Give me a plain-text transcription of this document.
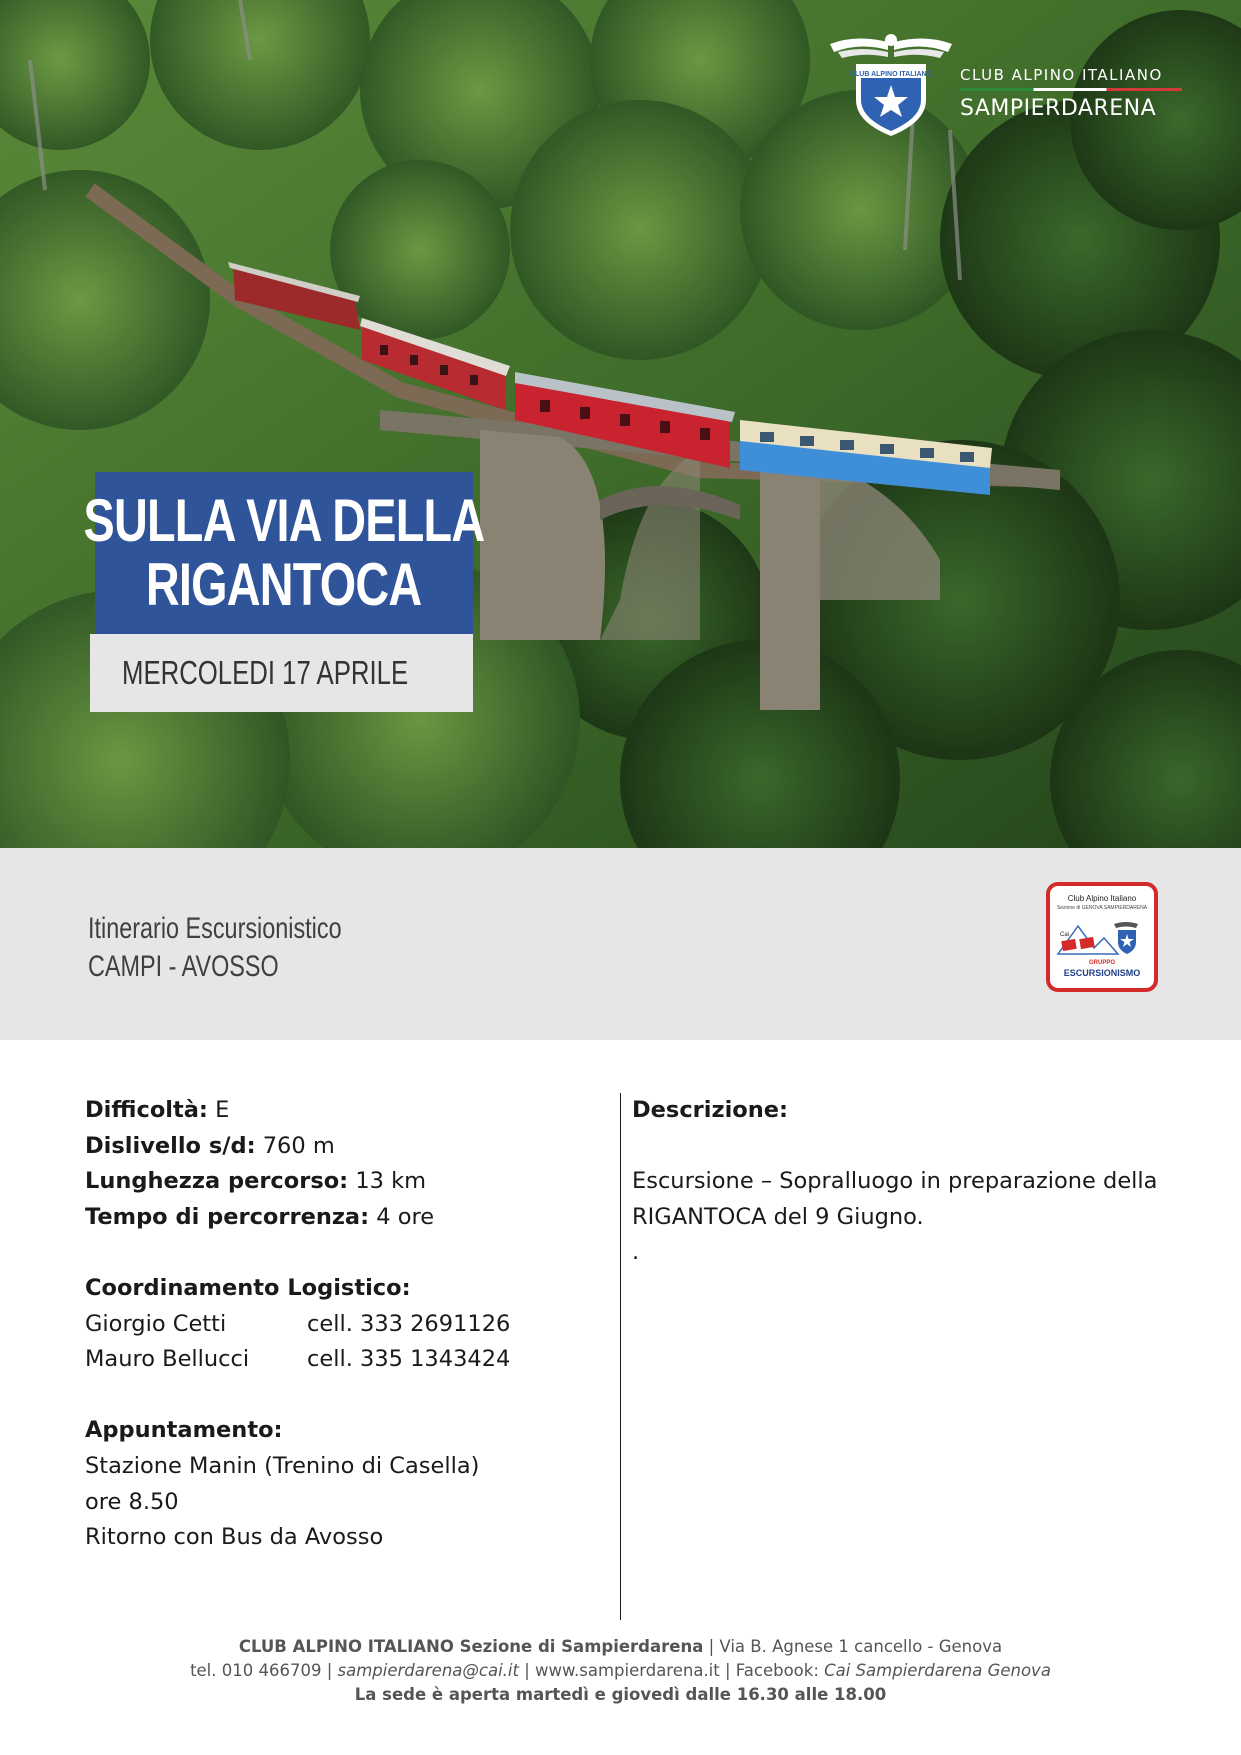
CLUB ALPINO ITALIANO CLUB ALPINO ITALIANO
SAMPIERDARENA
SULLA VIA DELLA
RIGANTOCA
MERCOLEDI 17 APRILE
Itinerario Escursionistico
CAMPI - AVOSSO
Club Alpino Italiano
Sezione di GENOVA SAMPIERDARENA
Cai
GRUPPO
ESCURSIONISMO
Difficoltà: E
Dislivello s/d: 760 m
Lunghezza percorso: 13 km
Tempo di percorrenza: 4 ore
Coordinamento Logistico:
Giorgio Cetti	cell. 333 2691126
Mauro Bellucci	cell. 335 1343424
Appuntamento:
Stazione Manin (Trenino di Casella)
ore 8.50
Ritorno con Bus da Avosso
Descrizione:
Escursione – Sopralluogo in preparazione della
RIGANTOCA del 9 Giugno.
.
CLUB ALPINO ITALIANO Sezione di Sampierdarena | Via B. Agnese 1 cancello - Genova
tel. 010 466709 | sampierdarena@cai.it | www.sampierdarena.it | Facebook: Cai Sampierdarena Genova
La sede è aperta martedì e giovedì dalle 16.30 alle 18.00
